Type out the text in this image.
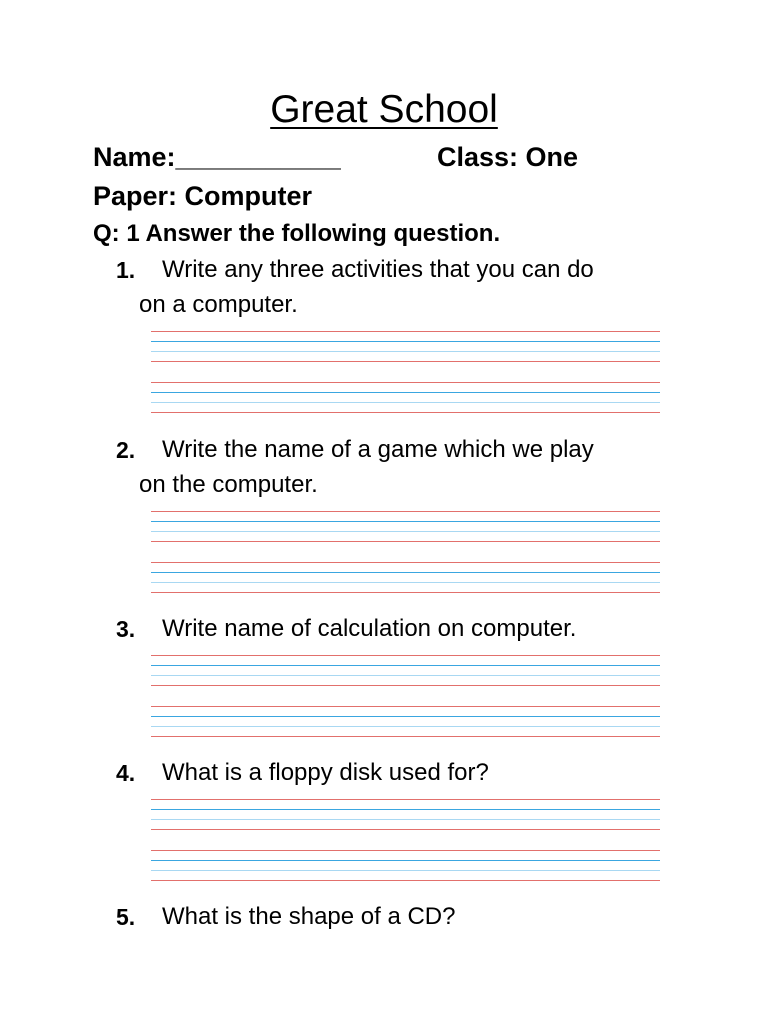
Great School
Name:___________	Class: One
Paper: Computer
Q: 1 Answer the following question.
1. Write any three activities that you can do
on a computer.
2. Write the name of a game which we play
on the computer.
3. Write name of calculation on computer.
4. What is a floppy disk used for?
5. What is the shape of a CD?
